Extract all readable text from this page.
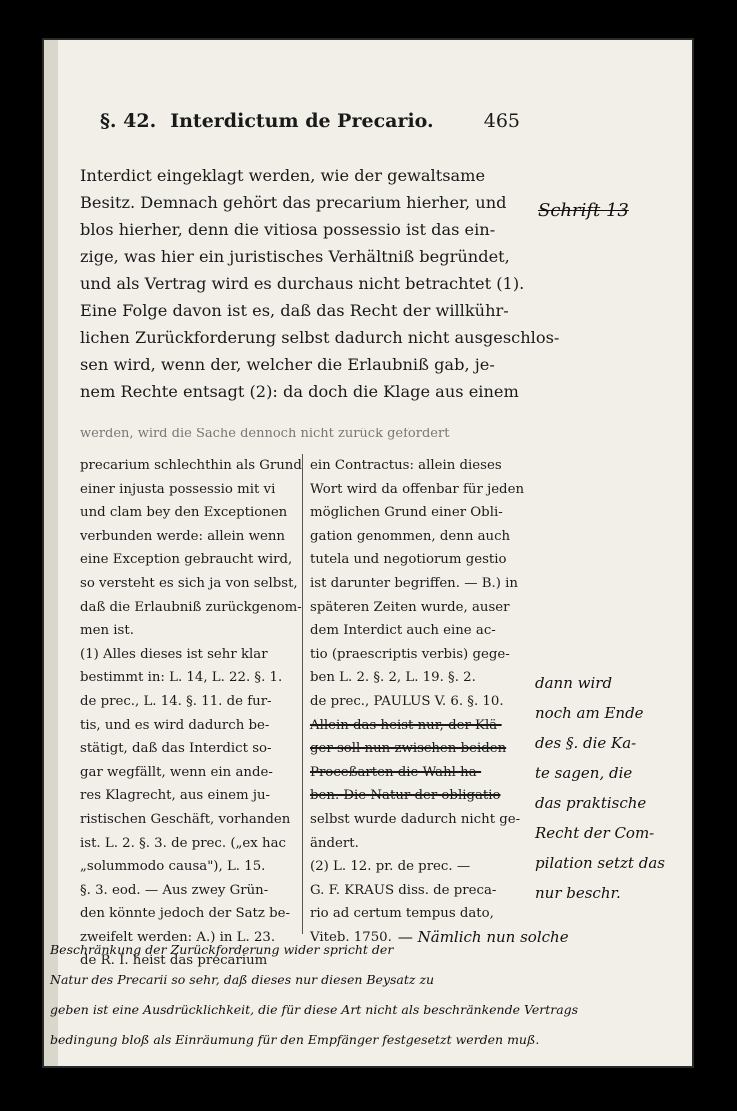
§. 42. Interdictum de Precario.	465
Schrift 13
Interdict eingeklagt werden, wie der gewaltsame
Besitz. Demnach gehört das precarium hierher, und
blos hierher, denn die vitiosa possessio ist das ein-
zige, was hier ein juristisches Verhältniß begründet,
und als Vertrag wird es durchaus nicht betrachtet (1).
Eine Folge davon ist es, daß das Recht der willkühr-
lichen Zurückforderung selbst dadurch nicht ausgeschlos-
sen wird, wenn der, welcher die Erlaubniß gab, je-
nem Rechte entsagt (2): da doch die Klage aus einem
werden, wird die Sache dennoch nicht zurück gefordert
precarium schlechthin als Grund
einer injusta possessio mit vi
und clam bey den Exceptionen
verbunden werde: allein wenn
eine Exception gebraucht wird,
so versteht es sich ja von selbst,
daß die Erlaubniß zurückgenom-
men ist.
(1) Alles dieses ist sehr klar
bestimmt in: L. 14, L. 22. §. 1.
de prec., L. 14. §. 11. de fur-
tis, und es wird dadurch be-
stätigt, daß das Interdict so-
gar wegfällt, wenn ein ande-
res Klagrecht, aus einem ju-
ristischen Geschäft, vorhanden
ist. L. 2. §. 3. de prec. („ex hac
„solummodo causa"), L. 15.
§. 3. eod. — Aus zwey Grün-
den könnte jedoch der Satz be-
zweifelt werden: A.) in L. 23.
de R. I. heist das precarium
ein Contractus: allein dieses
Wort wird da offenbar für jeden
möglichen Grund einer Obli-
gation genommen, denn auch
tutela und negotiorum gestio
ist darunter begriffen. — B.) in
späteren Zeiten wurde, auser
dem Interdict auch eine ac-
tio (praescriptis verbis) gege-
ben L. 2. §. 2, L. 19. §. 2.
de prec., PAULUS V. 6. §. 10.
Allein das heist nur, der Klä-
ger soll nun zwischen beiden
Proceßarten die Wahl ha-
ben. Die Natur der obligatio
selbst wurde dadurch nicht ge-
ändert.
(2) L. 12. pr. de prec. —
G. F. KRAUS diss. de preca-
rio ad certum tempus dato,
Viteb. 1750. — Nämlich nun solche
dann wird
noch am Ende
des §. die Ka-
te sagen, die
das praktische
Recht der Com-
pilation setzt das
nur beschr.
Beschränkung der Zurückforderung wider spricht der
Natur des Precarii so sehr, daß dieses nur diesen Beysatz zu
geben ist eine Ausdrücklichkeit, die für diese Art nicht als beschränkende Vertrags
bedingung bloß als Einräumung für den Empfänger festgesetzt werden muß.
